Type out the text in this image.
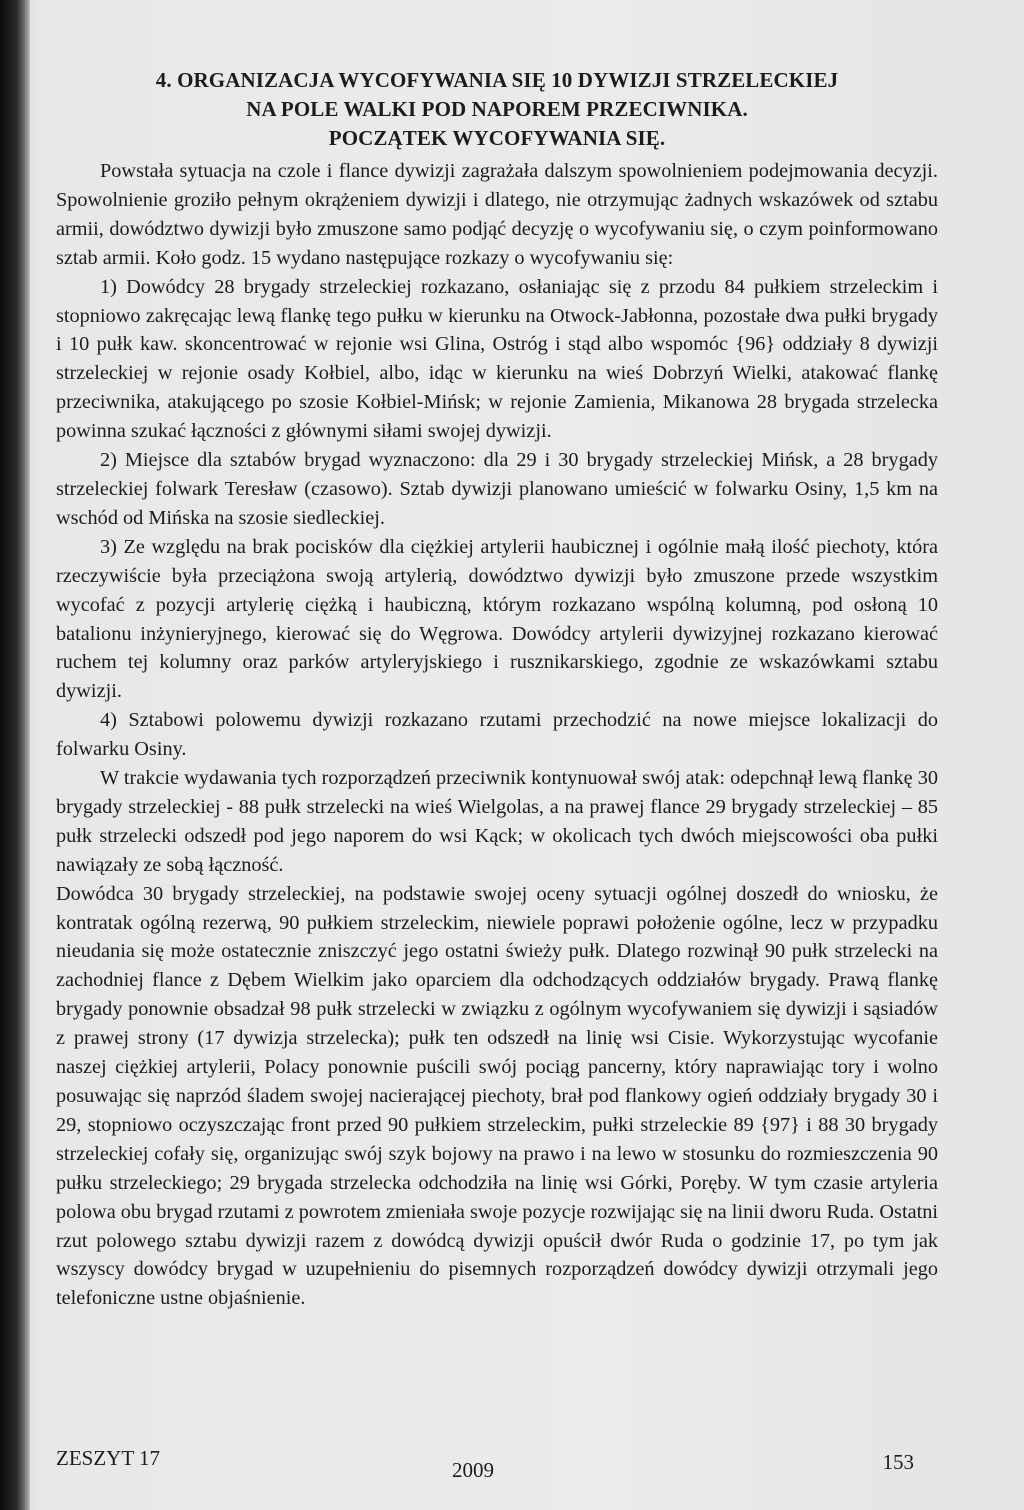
4. ORGANIZACJA WYCOFYWANIA SIĘ 10 DYWIZJI STRZELECKIEJ
NA POLE WALKI POD NAPOREM PRZECIWNIKA.
POCZĄTEK WYCOFYWANIA SIĘ.

Powstała sytuacja na czole i flance dywizji zagrażała dalszym spowolnieniem podejmowania decyzji. Spowolnienie groziło pełnym okrążeniem dywizji i dlatego, nie otrzymując żadnych wskazówek od sztabu armii, dowództwo dywizji było zmuszone samo podjąć decyzję o wycofywaniu się, o czym poinformowano sztab armii. Koło godz. 15 wydano następujące rozkazy o wycofywaniu się:

1) Dowódcy 28 brygady strzeleckiej rozkazano, osłaniając się z przodu 84 pułkiem strzeleckim i stopniowo zakręcając lewą flankę tego pułku w kierunku na Otwock-Jabłonna, pozostałe dwa pułki brygady i 10 pułk kaw. skoncentrować w rejonie wsi Glina, Ostróg i stąd albo wspomóc {96} oddziały 8 dywizji strzeleckiej w rejonie osady Kołbiel, albo, idąc w kierunku na wieś Dobrzyń Wielki, atakować flankę przeciwnika, atakującego po szosie Kołbiel-Mińsk; w rejonie Zamienia, Mikanowa 28 brygada strzelecka powinna szukać łączności z głównymi siłami swojej dywizji.

2) Miejsce dla sztabów brygad wyznaczono: dla 29 i 30 brygady strzeleckiej Mińsk, a 28 brygady strzeleckiej folwark Teresław (czasowo). Sztab dywizji planowano umieścić w folwarku Osiny, 1,5 km na wschód od Mińska na szosie siedleckiej.

3) Ze względu na brak pocisków dla ciężkiej artylerii haubicznej i ogólnie małą ilość piechoty, która rzeczywiście była przeciążona swoją artylerią, dowództwo dywizji było zmuszone przede wszystkim wycofać z pozycji artylerię ciężką i haubiczną, którym rozkazano wspólną kolumną, pod osłoną 10 batalionu inżynieryjnego, kierować się do Węgrowa. Dowódcy artylerii dywizyjnej rozkazano kierować ruchem tej kolumny oraz parków artyleryjskiego i rusznikarskiego, zgodnie ze wskazówkami sztabu dywizji.

4) Sztabowi polowemu dywizji rozkazano rzutami przechodzić na nowe miejsce lokalizacji do folwarku Osiny.

W trakcie wydawania tych rozporządzeń przeciwnik kontynuował swój atak: odepchnął lewą flankę 30 brygady strzeleckiej - 88 pułk strzelecki na wieś Wielgolas, a na prawej flance 29 brygady strzeleckiej – 85 pułk strzelecki odszedł pod jego naporem do wsi Kąck; w okolicach tych dwóch miejscowości oba pułki nawiązały ze sobą łączność.

Dowódca 30 brygady strzeleckiej, na podstawie swojej oceny sytuacji ogólnej doszedł do wniosku, że kontratak ogólną rezerwą, 90 pułkiem strzeleckim, niewiele poprawi położenie ogólne, lecz w przypadku nieudania się może ostatecznie zniszczyć jego ostatni świeży pułk. Dlatego rozwinął 90 pułk strzelecki na zachodniej flance z Dębem Wielkim jako oparciem dla odchodzących oddziałów brygady. Prawą flankę brygady ponownie obsadzał 98 pułk strzelecki w związku z ogólnym wycofywaniem się dywizji i sąsiadów z prawej strony (17 dywizja strzelecka); pułk ten odszedł na linię wsi Cisie. Wykorzystując wycofanie naszej ciężkiej artylerii, Polacy ponownie puścili swój pociąg pancerny, który naprawiając tory i wolno posuwając się naprzód śladem swojej nacierającej piechoty, brał pod flankowy ogień oddziały brygady 30 i 29, stopniowo oczyszczając front przed 90 pułkiem strzeleckim, pułki strzeleckie 89 {97} i 88 30 brygady strzeleckiej cofały się, organizując swój szyk bojowy na prawo i na lewo w stosunku do rozmieszczenia 90 pułku strzeleckiego; 29 brygada strzelecka odchodziła na linię wsi Górki, Poręby. W tym czasie artyleria polowa obu brygad rzutami z powrotem zmieniała swoje pozycje rozwijając się na linii dworu Ruda. Ostatni rzut polowego sztabu dywizji razem z dowódcą dywizji opuścił dwór Ruda o godzinie 17, po tym jak wszyscy dowódcy brygad w uzupełnieniu do pisemnych rozporządzeń dowódcy dywizji otrzymali jego telefoniczne ustne objaśnienie.

ZESZYT 17	2009	153
